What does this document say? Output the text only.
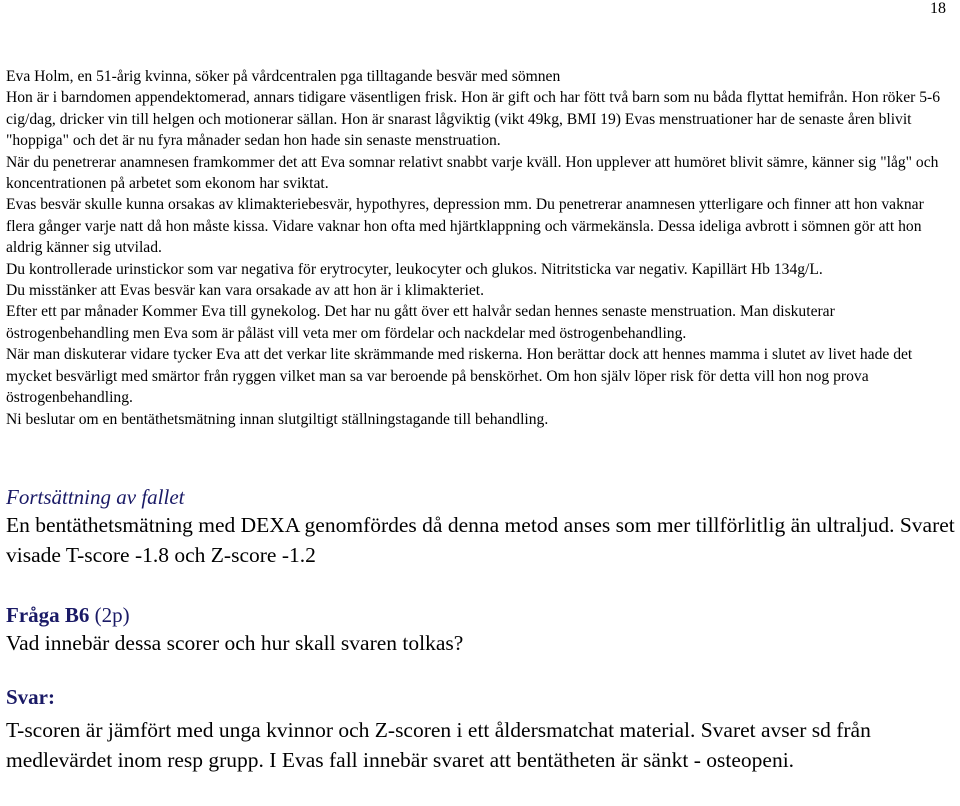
18

Eva Holm, en 51-årig kvinna, söker på vårdcentralen pga tilltagande besvär med sömnen

Hon är i barndomen appendektomerad, annars tidigare väsentligen frisk. Hon är gift och har fött två barn som nu båda flyttat hemifrån. Hon röker 5-6 cig/dag, dricker vin till helgen och motionerar sällan. Hon är snarast lågviktig (vikt 49kg, BMI 19) Evas menstruationer har de senaste åren blivit "hoppiga" och det är nu fyra månader sedan hon hade sin senaste menstruation.

När du penetrerar anamnesen framkommer det att Eva somnar relativt snabbt varje kväll. Hon upplever att humöret blivit sämre, känner sig "låg" och koncentrationen på arbetet som ekonom har sviktat.

Evas besvär skulle kunna orsakas av klimakteriebesvär, hypothyres, depression mm. Du penetrerar anamnesen ytterligare och finner att hon vaknar flera gånger varje natt då hon måste kissa. Vidare vaknar hon ofta med hjärtklappning och värmekänsla. Dessa ideliga avbrott i sömnen gör att hon aldrig känner sig utvilad.

Du kontrollerade urinstickor som var negativa för erytrocyter, leukocyter och glukos. Nitritsticka var negativ. Kapillärt Hb 134g/L.

Du misstänker att Evas besvär kan vara orsakade av att hon är i klimakteriet.

Efter ett par månader Kommer Eva till gynekolog. Det har nu gått över ett halvår sedan hennes senaste menstruation. Man diskuterar östrogenbehandling men Eva som är påläst vill veta mer om fördelar och nackdelar med östrogenbehandling.

När man diskuterar vidare tycker Eva att det verkar lite skrämmande med riskerna. Hon berättar dock att hennes mamma i slutet av livet hade det mycket besvärligt med smärtor från ryggen vilket man sa var beroende på benskörhet. Om hon själv löper risk för detta vill hon nog prova östrogenbehandling.

Ni beslutar om en bentäthetsmätning innan slutgiltigt ställningstagande till behandling.

Fortsättning av fallet

En bentäthetsmätning med DEXA genomfördes då denna metod anses som mer tillförlitlig än ultraljud. Svaret visade T-score -1.8 och Z-score -1.2

Fråga B6 (2p)

Vad innebär dessa scorer och hur skall svaren tolkas?

Svar:

T-scoren är jämfört med unga kvinnor och Z-scoren i ett åldersmatchat material. Svaret avser sd från medlevärdet inom resp grupp. I Evas fall innebär svaret att bentätheten är sänkt - osteopeni.
